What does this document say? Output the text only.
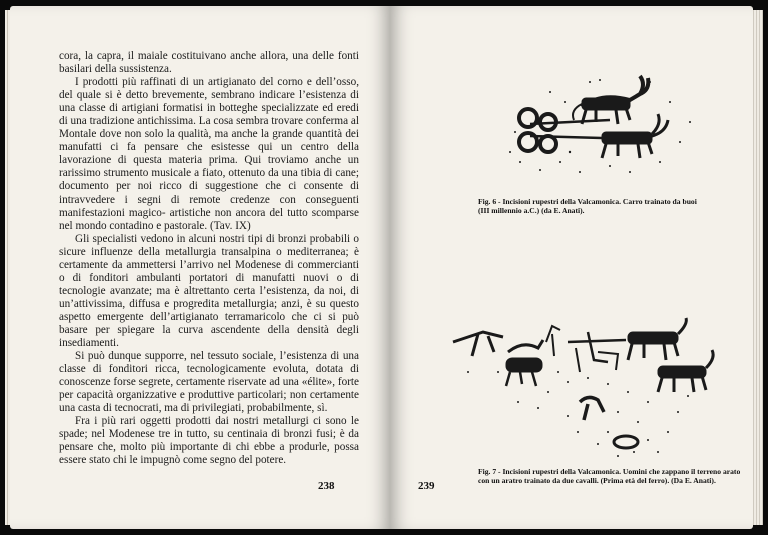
cora, la capra, il maiale costituivano anche allora, una delle fonti basilari della sussistenza.

I prodotti più raffinati di un artigianato del corno e dell’osso, del quale si è detto brevemente, sembrano indicare l’esistenza di una classe di artigiani formatisi in botteghe specializzate ed eredi di una tradizione antichissima. La cosa sembra trovare conferma al Montale dove non solo la qualità, ma anche la grande quantità dei manufatti ci fa pensare che esistesse qui un centro della lavorazione di questa materia prima. Qui troviamo anche un rarissimo strumento musicale a fiato, ottenuto da una tibia di cane; documento per noi ricco di suggestione che ci consente di intravvedere i segni di remote credenze con conseguenti manifestazioni magico- artistiche non ancora del tutto scomparse nel mondo contadino e pastorale. (Tav. IX)

Gli specialisti vedono in alcuni nostri tipi di bronzi probabili o sicure influenze della metallurgia transalpina o mediterranea; è certamente da ammettersi l’arrivo nel Modenese di commercianti o di fonditori ambulanti portatori di manufatti nuovi o di tecnologie avanzate; ma è altrettanto certa l’esistenza, da noi, di un’attivissima, diffusa e progredita metallurgia; anzi, è su questo aspetto emergente dell’artigianato terramaricolo che ci si può basare per spiegare la curva ascendente della densità degli insediamenti.

Si può dunque supporre, nel tessuto sociale, l’esistenza di una classe di fonditori ricca, tecnologicamente evoluta, dotata di conoscenze forse segrete, certamente riservate ad una «élite», forte per capacità organizzative e produttive particolari; non certamente una casta di tecnocrati, ma di privilegiati, probabilmente, sì.

Fra i più rari oggetti prodotti dai nostri metallurgi ci sono le spade; nel Modenese tre in tutto, su centinaia di bronzi fusi; è da pensare che, molto più importante di chi ebbe a produrle, possa essere stato chi le impugnò come segno del potere.

238	239
Fig. 6 - Incisioni rupestri della Valcamonica. Carro trainato da buoi (III millennio a.C.) (da E. Anati).
Fig. 7 - Incisioni rupestri della Valcamonica. Uomini che zappano il terreno arato con un aratro trainato da due cavalli. (Prima età del ferro). (Da E. Anati).
